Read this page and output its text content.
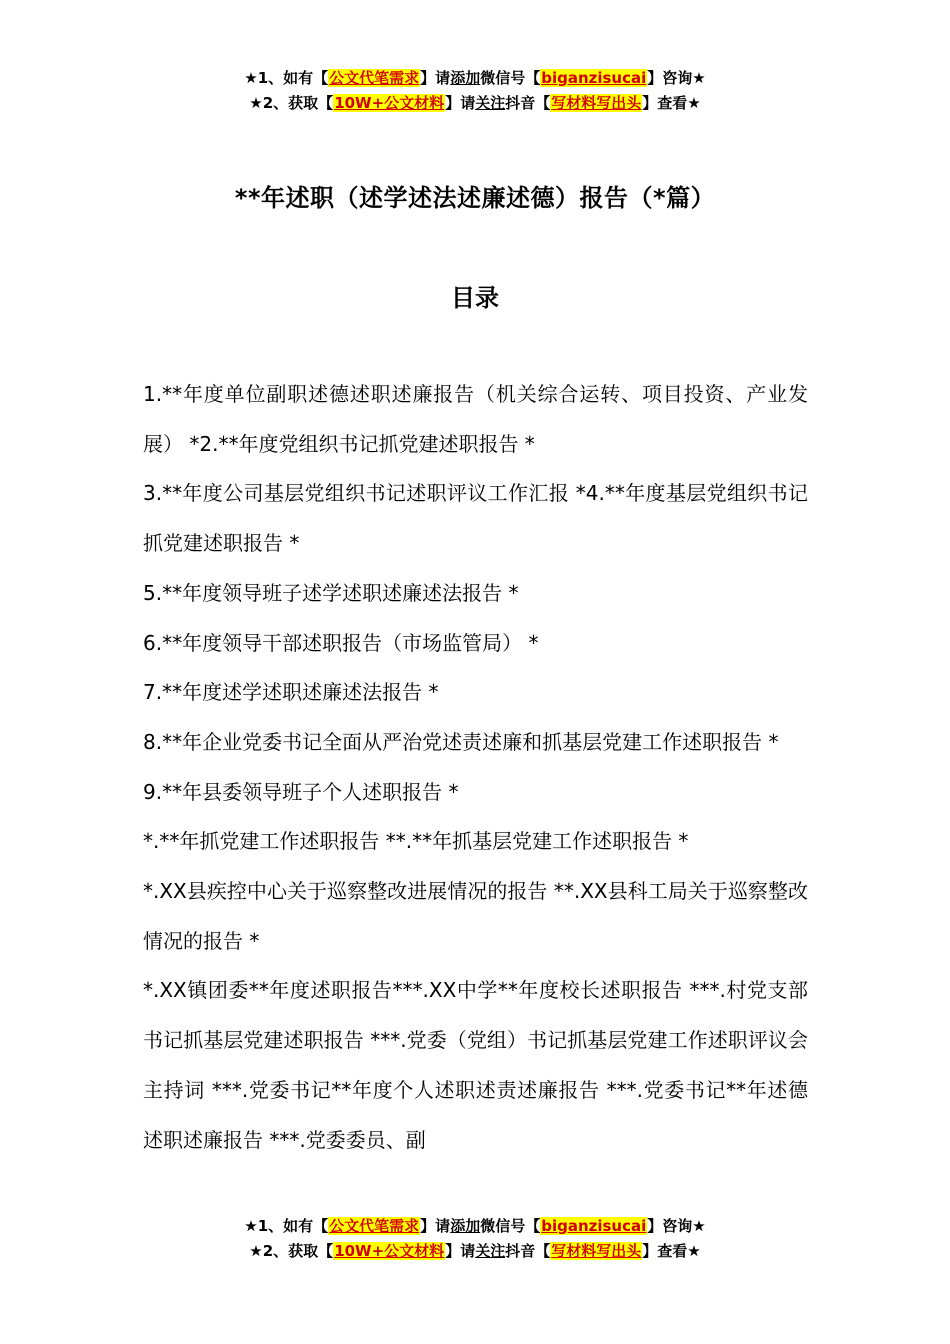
★1、如有【公文代笔需求】请添加微信号【biganzisucai】咨询★
★2、获取【10W+公文材料】请关注抖音【写材料写出头】查看★
**年述职（述学述法述廉述德）报告（*篇）
目录

1.**年度单位副职述德述职述廉报告（机关综合运转、项目投资、产业发展） *2.**年度党组织书记抓党建述职报告 *

3.**年度公司基层党组织书记述职评议工作汇报 *4.**年度基层党组织书记抓党建述职报告 *

5.**年度领导班子述学述职述廉述法报告 *

6.**年度领导干部述职报告（市场监管局） *

7.**年度述学述职述廉述法报告 *

8.**年企业党委书记全面从严治党述责述廉和抓基层党建工作述职报告 *

9.**年县委领导班子个人述职报告 *

*.**年抓党建工作述职报告 **.**年抓基层党建工作述职报告 *

*.XX县疾控中心关于巡察整改进展情况的报告 **.XX县科工局关于巡察整改情况的报告 *

*.XX镇团委**年度述职报告***.XX中学**年度校长述职报告 ***.村党支部书记抓基层党建述职报告 ***.党委（党组）书记抓基层党建工作述职评议会主持词 ***.党委书记**年度个人述职述责述廉报告 ***.党委书记**年述德述职述廉报告 ***.党委委员、副

★1、如有【公文代笔需求】请添加微信号【biganzisucai】咨询★
★2、获取【10W+公文材料】请关注抖音【写材料写出头】查看★
